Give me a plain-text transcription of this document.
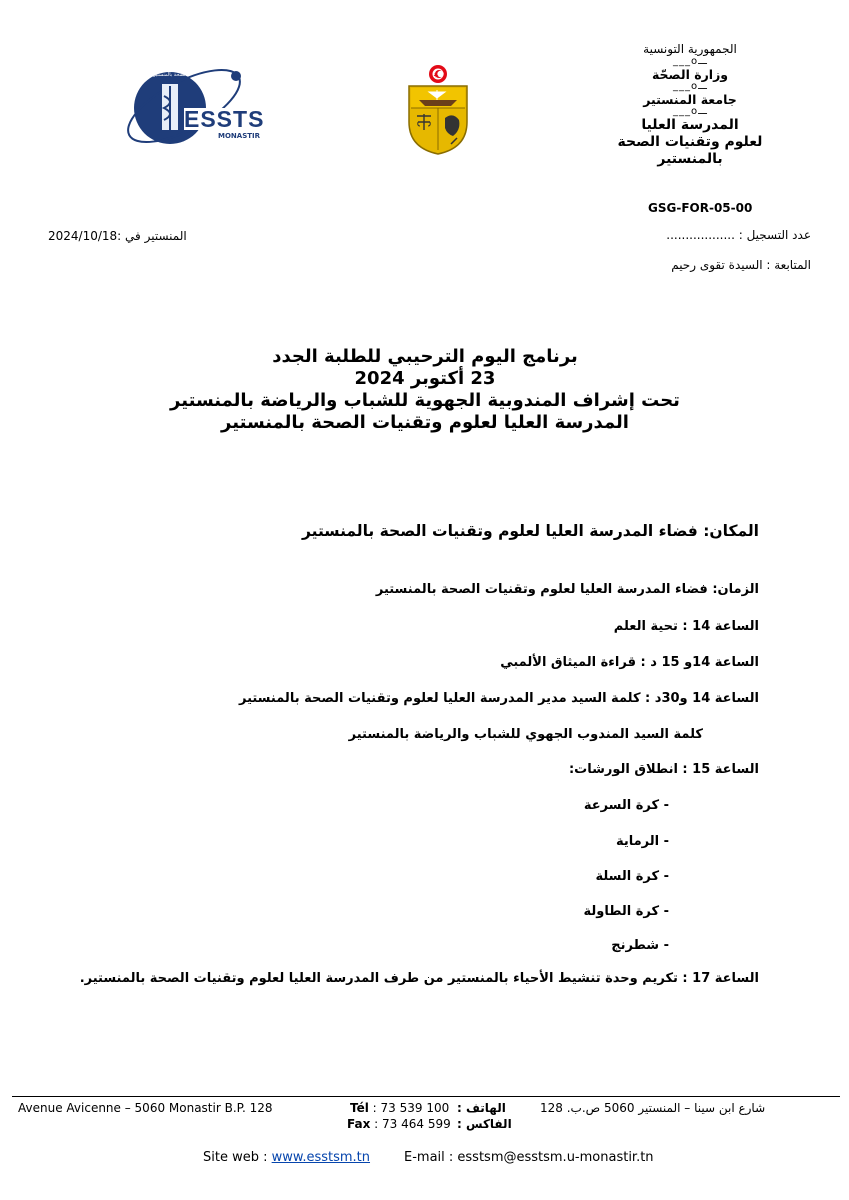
ESSTS
MONASTIR
المدرسة العليا لعلوم و تقنيات الصحة بالمنستير
الجمهورية التونسية
ـــo___
وزارة الصحّة
ـــo___
جامعة المنستير
ـــo___
المدرسة العليا
لعلوم وتقنيات الصحة بالمنستير
GSG-FOR-05-00
عدد التسجيل : ..................
المتابعة : السيدة تقوى رحيم
المنستير في :2024/10/18
برنامج اليوم الترحيبي للطلبة الجدد
23 أكتوبر 2024
تحت إشراف المندوبية الجهوية للشباب والرياضة بالمنستير
المدرسة العليا لعلوم وتقنيات الصحة بالمنستير
المكان: فضاء المدرسة العليا لعلوم وتقنيات الصحة بالمنستير
الزمان: فضاء المدرسة العليا لعلوم وتقنيات الصحة بالمنستير
الساعة 14 : تحية العلم
الساعة 14و 15 د : قراءة الميثاق الألمبي
الساعة 14 و30د : كلمة السيد مدير المدرسة العليا لعلوم وتقنيات الصحة بالمنستير
كلمة السيد المندوب الجهوي للشباب والرياضة بالمنستير
الساعة 15 : انطلاق الورشات:
- كرة السرعة
- الرماية
- كرة السلة
- كرة الطاولة
- شطرنج
الساعة 17 : تكريم وحدة تنشيط الأحياء بالمنستير من طرف المدرسة العليا لعلوم وتقنيات الصحة بالمنستير.
Avenue Avicenne – 5060 Monastir B.P. 128	Tél : 73 539 100
Fax : 73 464 599
الهاتف :
الفاكس :
شارع ابن سينا – المنستير 5060 ص.ب. 128
Site web : www.esstsm.tn	E-mail : esstsm@esstsm.u-monastir.tn
